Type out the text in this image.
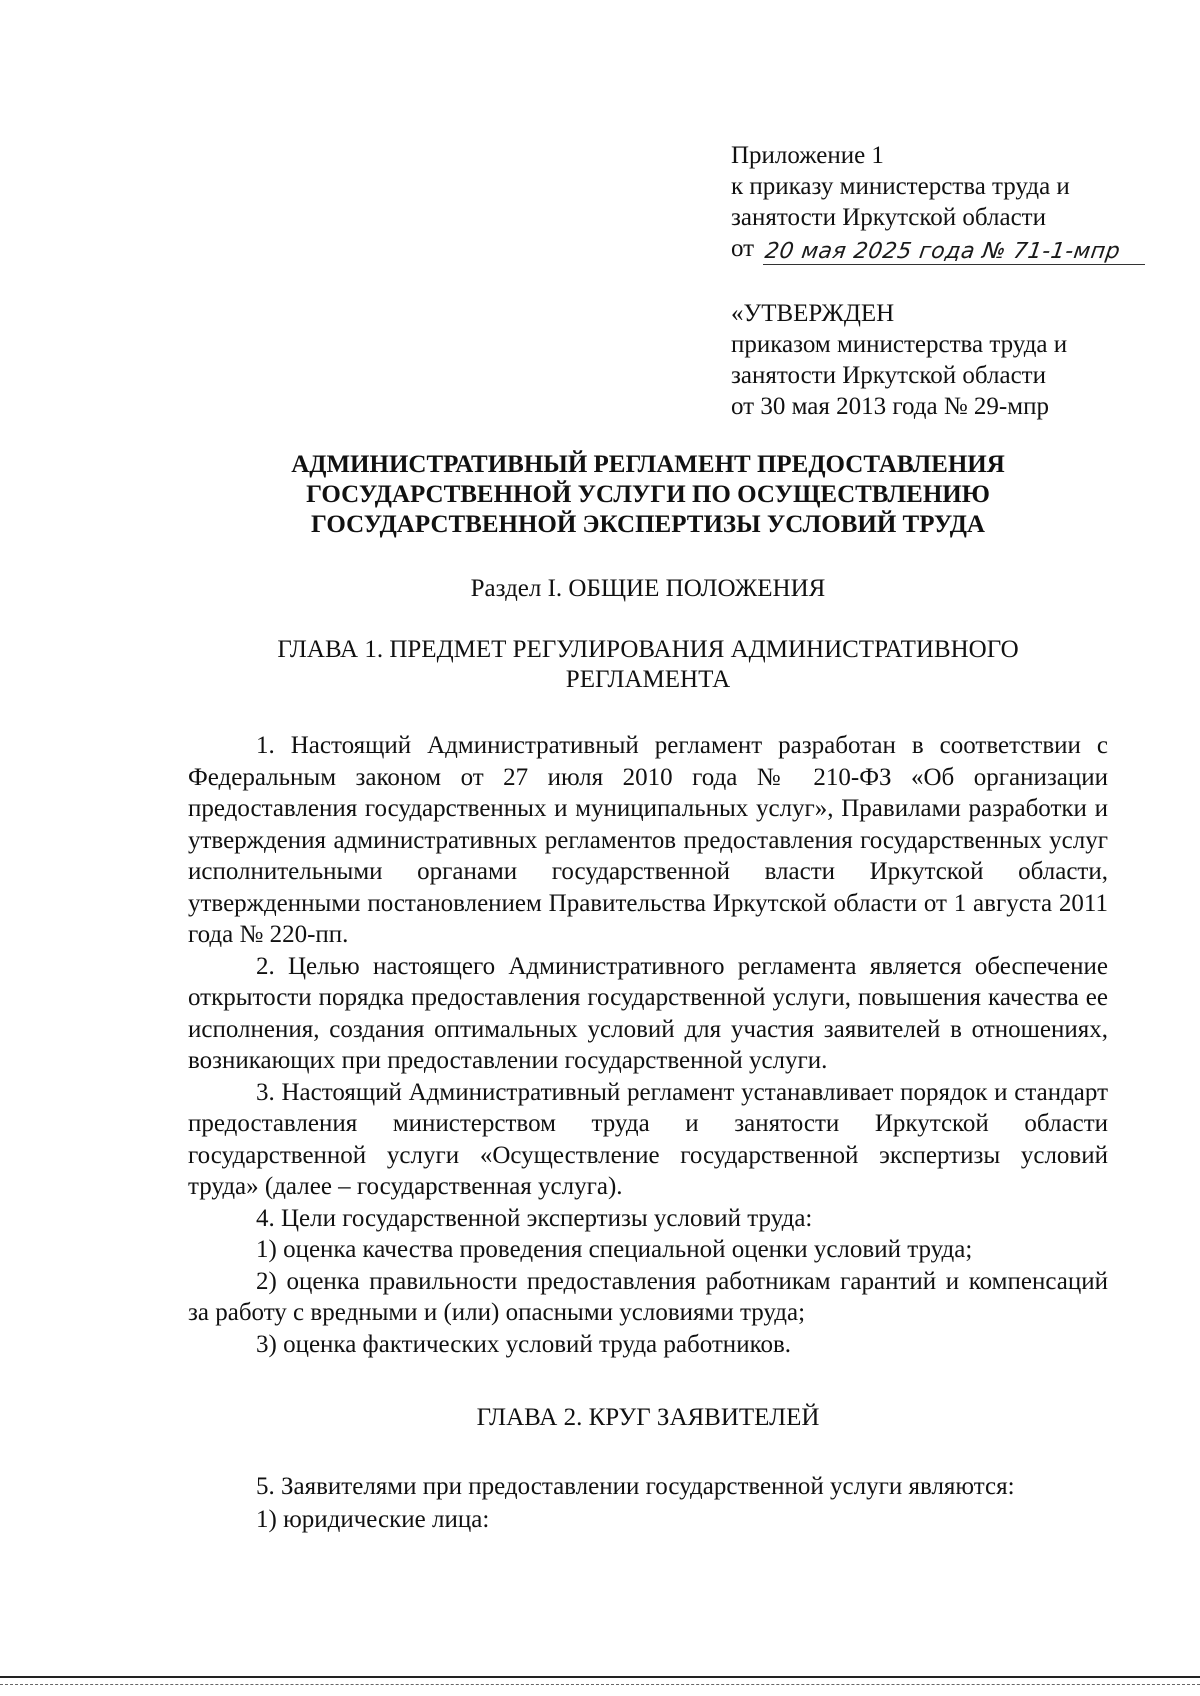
Приложение 1
к приказу министерства труда и
занятости Иркутской области
от 20 мая 2025 года № 71-1-мпр
«УТВЕРЖДЕН
приказом министерства труда и
занятости Иркутской области
от 30 мая 2013 года № 29-мпр
АДМИНИСТРАТИВНЫЙ РЕГЛАМЕНТ ПРЕДОСТАВЛЕНИЯ
ГОСУДАРСТВЕННОЙ УСЛУГИ ПО ОСУЩЕСТВЛЕНИЮ
ГОСУДАРСТВЕННОЙ ЭКСПЕРТИЗЫ УСЛОВИЙ ТРУДА
Раздел I. ОБЩИЕ ПОЛОЖЕНИЯ
ГЛАВА 1. ПРЕДМЕТ РЕГУЛИРОВАНИЯ АДМИНИСТРАТИВНОГО
РЕГЛАМЕНТА

1. Настоящий Административный регламент разработан в соответствии с Федеральным законом от 27 июля 2010 года № 210-ФЗ «Об организации предоставления государственных и муниципальных услуг», Правилами разработки и утверждения административных регламентов предоставления государственных услуг исполнительными органами государственной власти Иркутской области, утвержденными постановлением Правительства Иркутской области от 1 августа 2011 года № 220-пп.

2. Целью настоящего Административного регламента является обеспечение открытости порядка предоставления государственной услуги, повышения качества ее исполнения, создания оптимальных условий для участия заявителей в отношениях, возникающих при предоставлении государственной услуги.

3. Настоящий Административный регламент устанавливает порядок и стандарт предоставления министерством труда и занятости Иркутской области государственной услуги «Осуществление государственной экспертизы условий труда» (далее – государственная услуга).

4. Цели государственной экспертизы условий труда:

1) оценка качества проведения специальной оценки условий труда;

2) оценка правильности предоставления работникам гарантий и компенсаций за работу с вредными и (или) опасными условиями труда;

3) оценка фактических условий труда работников.

ГЛАВА 2. КРУГ ЗАЯВИТЕЛЕЙ

5. Заявителями при предоставлении государственной услуги являются:

1) юридические лица:
